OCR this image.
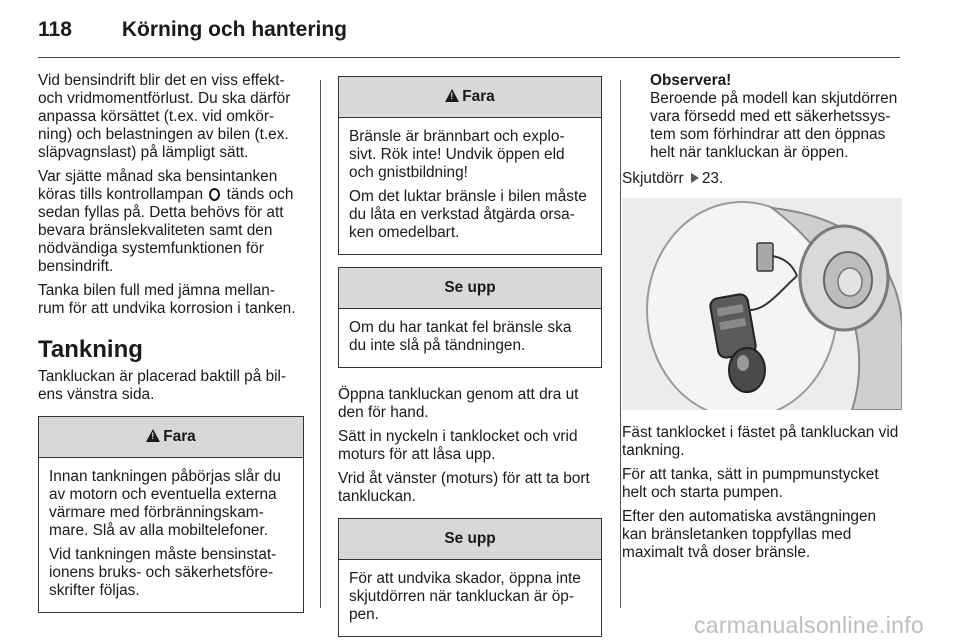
118 Körning och hantering

Vid bensindrift blir det en viss effekt- och vridmomentförlust. Du ska därför anpassa körsättet (t.ex. vid omkör- ning) och belastningen av bilen (t.ex. släpvagnslast) på lämpligt sätt.

Var sjätte månad ska bensintanken köras tills kontrollampan tänds och sedan fyllas på. Detta behövs för att bevara bränslekvaliteten samt den nödvändiga systemfunktionen för bensindrift.

Tanka bilen full med jämna mellan- rum för att undvika korrosion i tanken.

Tankning

Tankluckan är placerad baktill på bil- ens vänstra sida.

!Fara

Innan tankningen påbörjas slår du av motorn och eventuella externa värmare med förbränningskam- mare. Slå av alla mobiltelefoner.

Vid tankningen måste bensinstat- ionens bruks- och säkerhetsföre- skrifter följas.

!Fara

Bränsle är brännbart och explo- sivt. Rök inte! Undvik öppen eld och gnistbildning!

Om det luktar bränsle i bilen måste du låta en verkstad åtgärda orsa- ken omedelbart.

Se upp

Om du har tankat fel bränsle ska du inte slå på tändningen.

Öppna tankluckan genom att dra ut den för hand.

Sätt in nyckeln i tanklocket och vrid moturs för att låsa upp.

Vrid åt vänster (moturs) för att ta bort tankluckan.

Se upp

För att undvika skador, öppna inte skjutdörren när tankluckan är öp- pen.

Observera!
Beroende på modell kan skjutdörren vara försedd med ett säkerhetssys- tem som förhindrar att den öppnas helt när tankluckan är öppen.

Skjutdörr 23.

Fäst tanklocket i fästet på tankluckan vid tankning.

För att tanka, sätt in pumpmunstycket helt och starta pumpen.

Efter den automatiska avstängningen kan bränsletanken toppfyllas med maximalt två doser bränsle.

carmanualsonline.info
